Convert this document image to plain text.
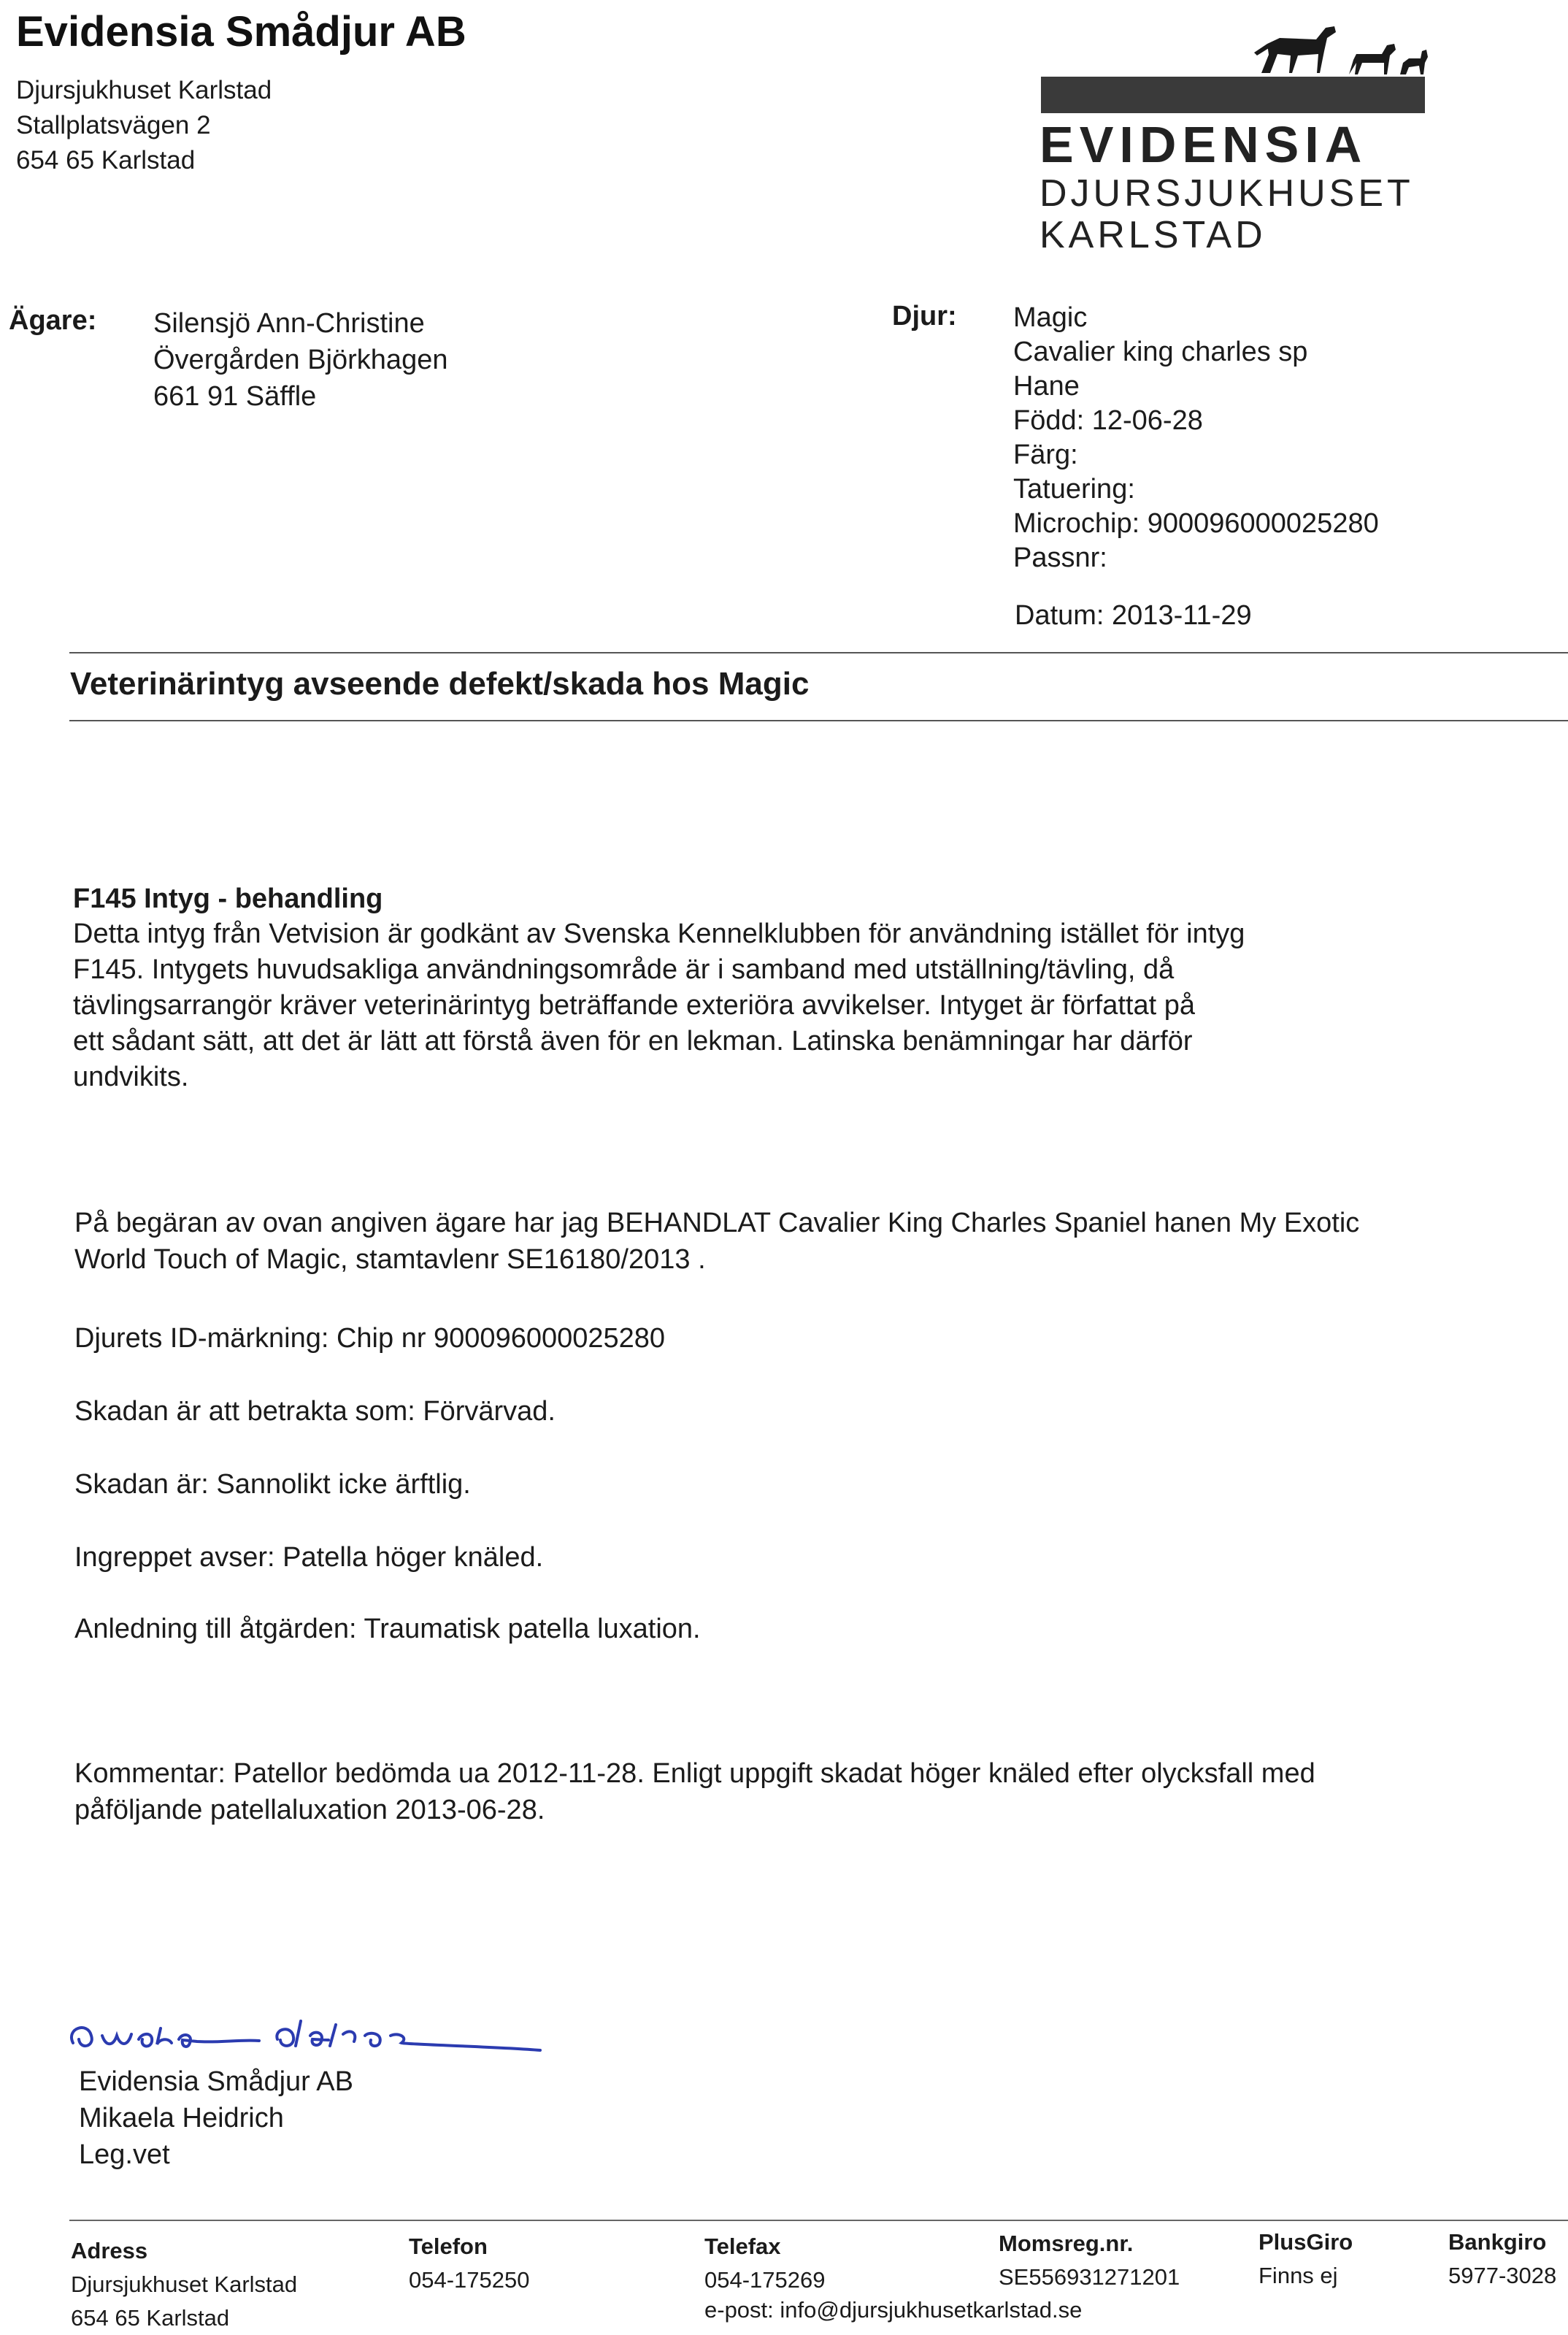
Evidensia Smådjur AB
Djursjukhuset Karlstad
Stallplatsvägen 2
654 65 Karlstad	EVIDENSIA
DJURSJUKHUSET
KARLSTAD
Ägare: Silensjö Ann-Christine
Övergården Björkhagen
661 91 Säffle
Djur: Magic
Cavalier king charles sp
Hane
Född: 12-06-28
Färg:
Tatuering:
Microchip: 900096000025280
Passnr:
Datum: 2013-11-29
Veterinärintyg avseende defekt/skada hos Magic
F145 Intyg - behandling
Detta intyg från Vetvision är godkänt av Svenska Kennelklubben för användning istället för intyg
F145. Intygets huvudsakliga användningsområde är i samband med utställning/tävling, då
tävlingsarrangör kräver veterinärintyg beträffande exteriöra avvikelser. Intyget är författat på
ett sådant sätt, att det är lätt att förstå även för en lekman. Latinska benämningar har därför
undvikits.
På begäran av ovan angiven ägare har jag BEHANDLAT Cavalier King Charles Spaniel hanen My Exotic
World Touch of Magic, stamtavlenr SE16180/2013 .
Djurets ID-märkning: Chip nr 900096000025280
Skadan är att betrakta som: Förvärvad.
Skadan är: Sannolikt icke ärftlig.
Ingreppet avser: Patella höger knäled.
Anledning till åtgärden: Traumatisk patella luxation.
Kommentar: Patellor bedömda ua 2012-11-28. Enligt uppgift skadat höger knäled efter olycksfall med
påföljande patellaluxation 2013-06-28.
Evidensia Smådjur AB
Mikaela Heidrich
Leg.vet
Adress
Djursjukhuset Karlstad
654 65 Karlstad
Telefon
054-175250
Telefax
054-175269
e-post: info@djursjukhusetkarlstad.se
Momsreg.nr.
SE556931271201
PlusGiro
Finns ej
Bankgiro
5977-3028
